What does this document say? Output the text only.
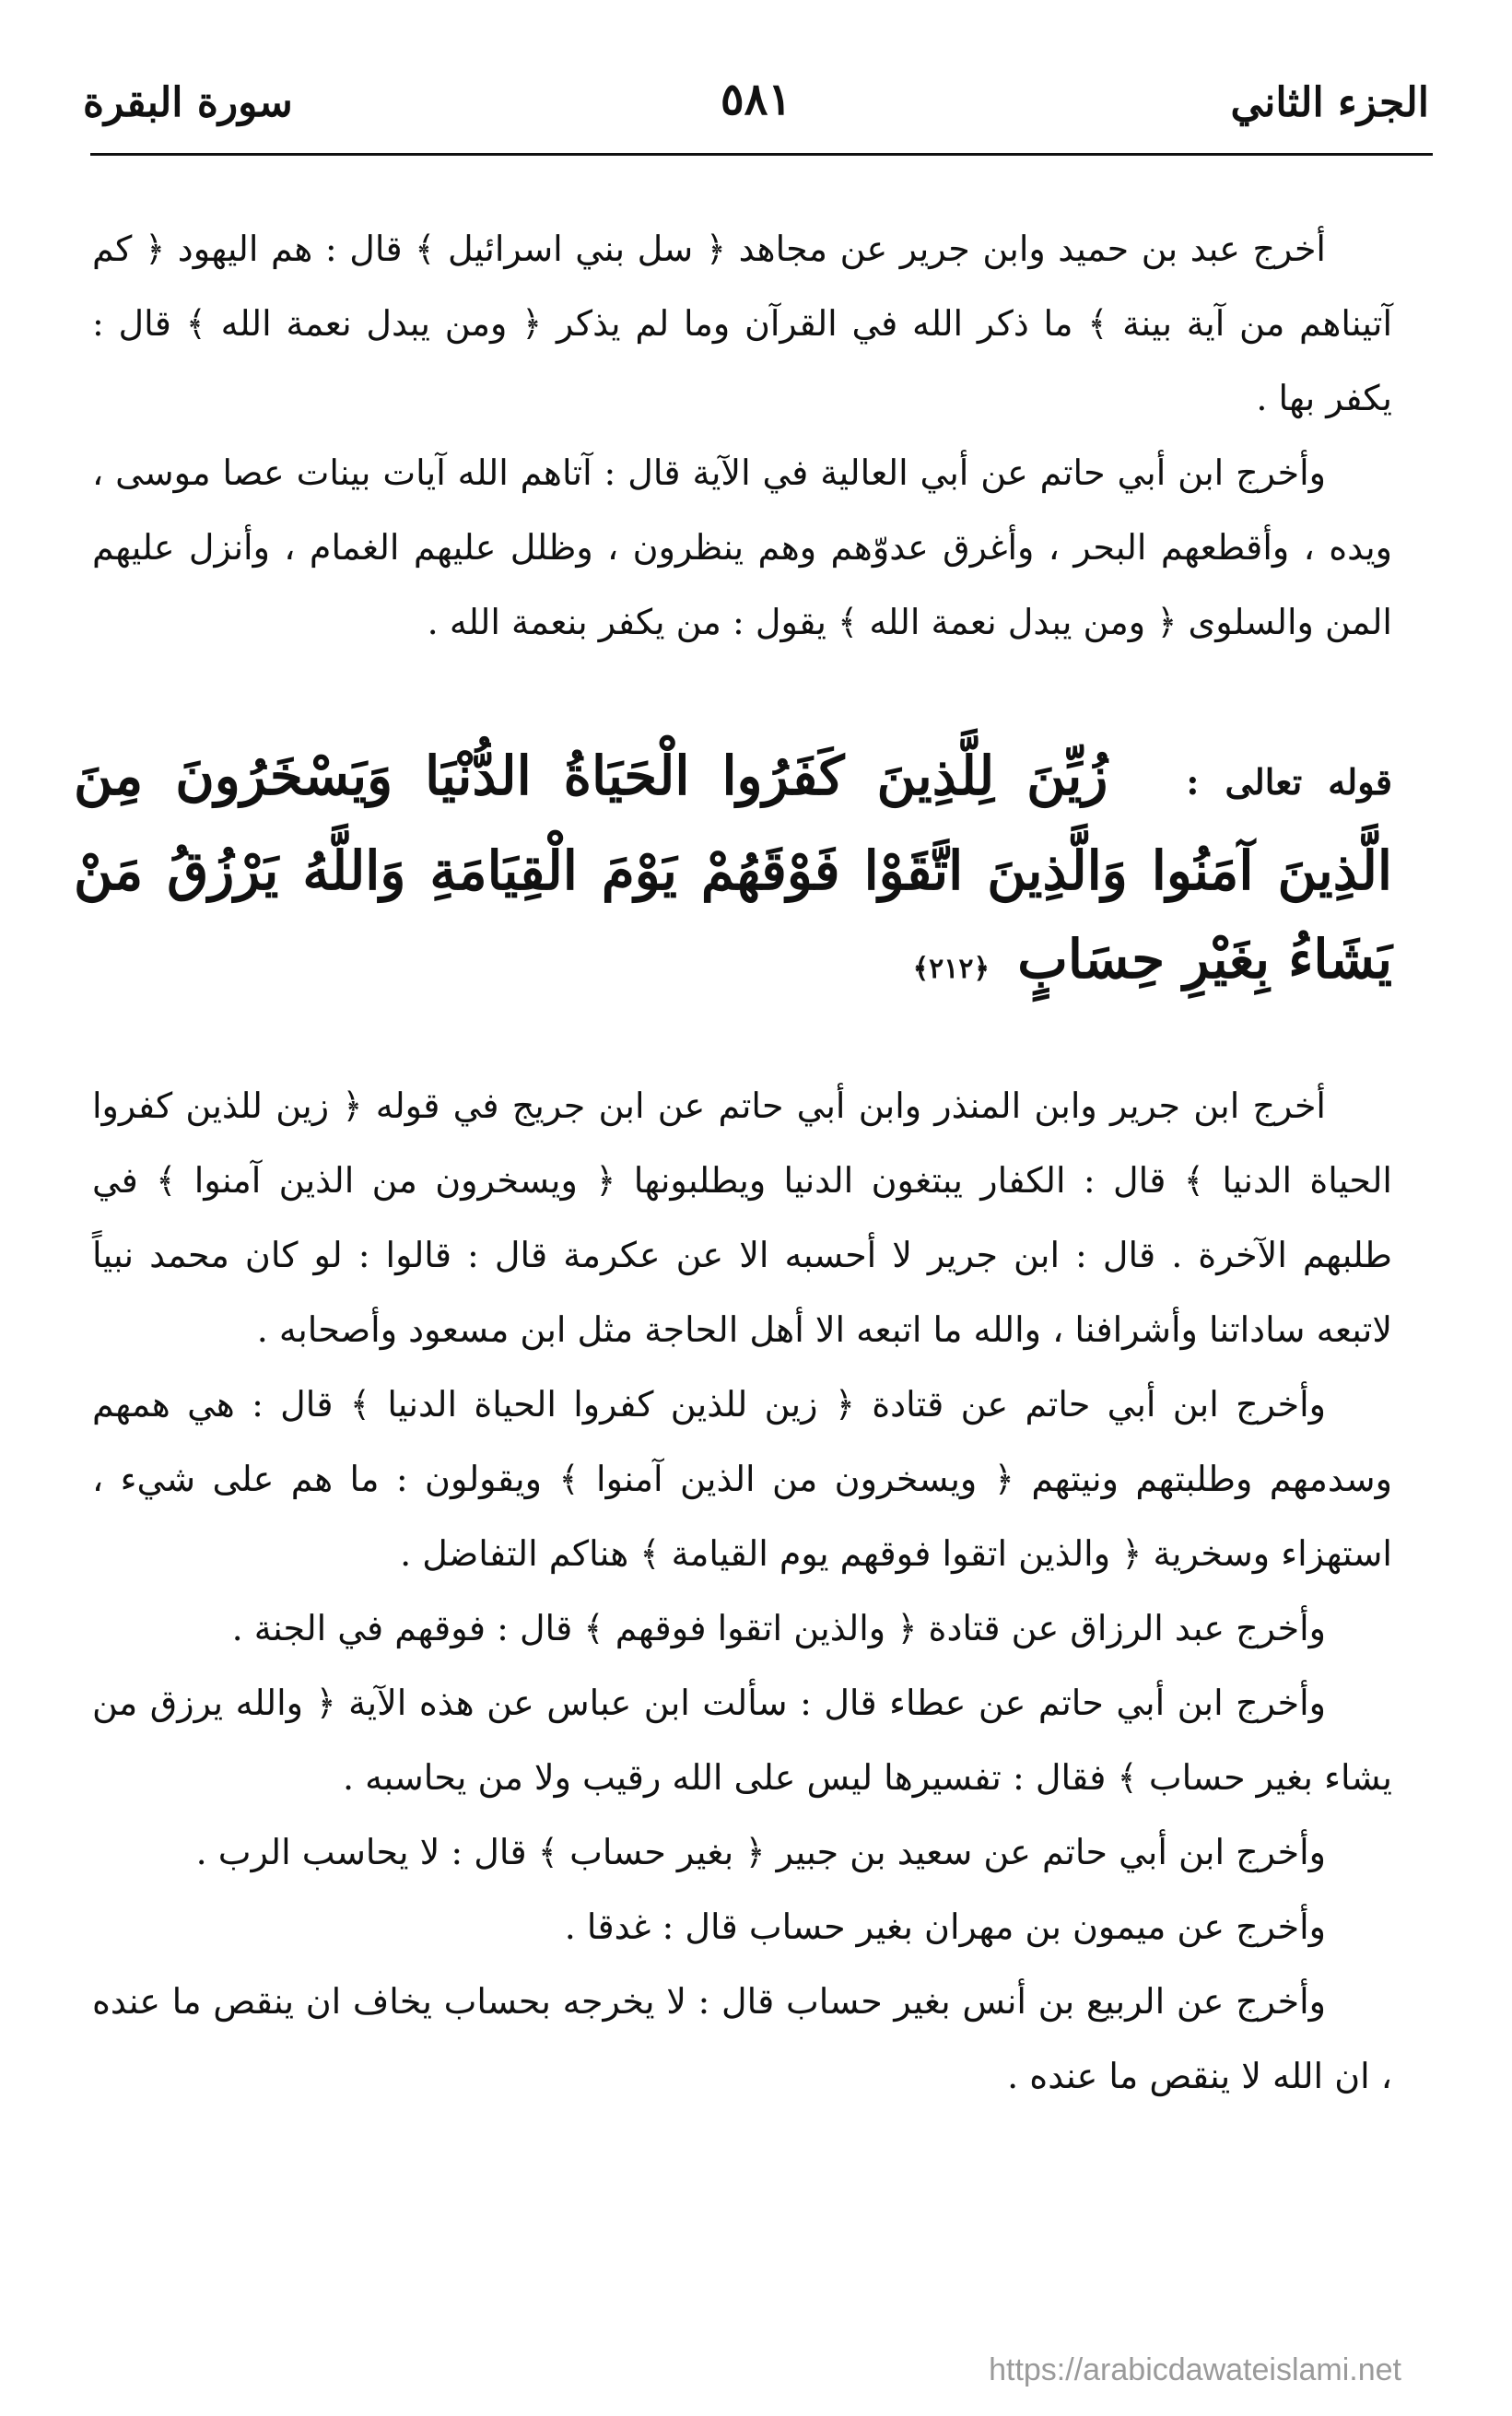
الجزء الثاني
٥٨١
سورة البقرة

أخرج عبد بن حميد وابن جرير عن مجاهد ﴿ سل بني اسرائيل ﴾ قال : هم اليهود ﴿ كم آتيناهم من آية بينة ﴾ ما ذكر الله في القرآن وما لم يذكر ﴿ ومن يبدل نعمة الله ﴾ قال : يكفر بها .

وأخرج ابن أبي حاتم عن أبي العالية في الآية قال : آتاهم الله آيات بينات عصا موسى ، ويده ، وأقطعهم البحر ، وأغرق عدوّهم وهم ينظرون ، وظلل عليهم الغمام ، وأنزل عليهم المن والسلوى ﴿ ومن يبدل نعمة الله ﴾ يقول : من يكفر بنعمة الله .

قوله تعالى : زُيِّنَ لِلَّذِينَ كَفَرُوا الْحَيَاةُ الدُّنْيَا وَيَسْخَرُونَ مِنَ الَّذِينَ آمَنُوا وَالَّذِينَ اتَّقَوْا فَوْقَهُمْ يَوْمَ الْقِيَامَةِ وَاللَّهُ يَرْزُقُ مَنْ يَشَاءُ بِغَيْرِ حِسَابٍ ﴿٢١٢﴾

أخرج ابن جرير وابن المنذر وابن أبي حاتم عن ابن جريج في قوله ﴿ زين للذين كفروا الحياة الدنيا ﴾ قال : الكفار يبتغون الدنيا ويطلبونها ﴿ ويسخرون من الذين آمنوا ﴾ في طلبهم الآخرة . قال : ابن جرير لا أحسبه الا عن عكرمة قال : قالوا : لو كان محمد نبياً لاتبعه ساداتنا وأشرافنا ، والله ما اتبعه الا أهل الحاجة مثل ابن مسعود وأصحابه .

وأخرج ابن أبي حاتم عن قتادة ﴿ زين للذين كفروا الحياة الدنيا ﴾ قال : هي همهم وسدمهم وطلبتهم ونيتهم ﴿ ويسخرون من الذين آمنوا ﴾ ويقولون : ما هم على شيء ، استهزاء وسخرية ﴿ والذين اتقوا فوقهم يوم القيامة ﴾ هناكم التفاضل .

وأخرج عبد الرزاق عن قتادة ﴿ والذين اتقوا فوقهم ﴾ قال : فوقهم في الجنة .

وأخرج ابن أبي حاتم عن عطاء قال : سألت ابن عباس عن هذه الآية ﴿ والله يرزق من يشاء بغير حساب ﴾ فقال : تفسيرها ليس على الله رقيب ولا من يحاسبه .

وأخرج ابن أبي حاتم عن سعيد بن جبير ﴿ بغير حساب ﴾ قال : لا يحاسب الرب .

وأخرج عن ميمون بن مهران بغير حساب قال : غدقا .

وأخرج عن الربيع بن أنس بغير حساب قال : لا يخرجه بحساب يخاف ان ينقص ما عنده ، ان الله لا ينقص ما عنده .

https://arabicdawateislami.net
